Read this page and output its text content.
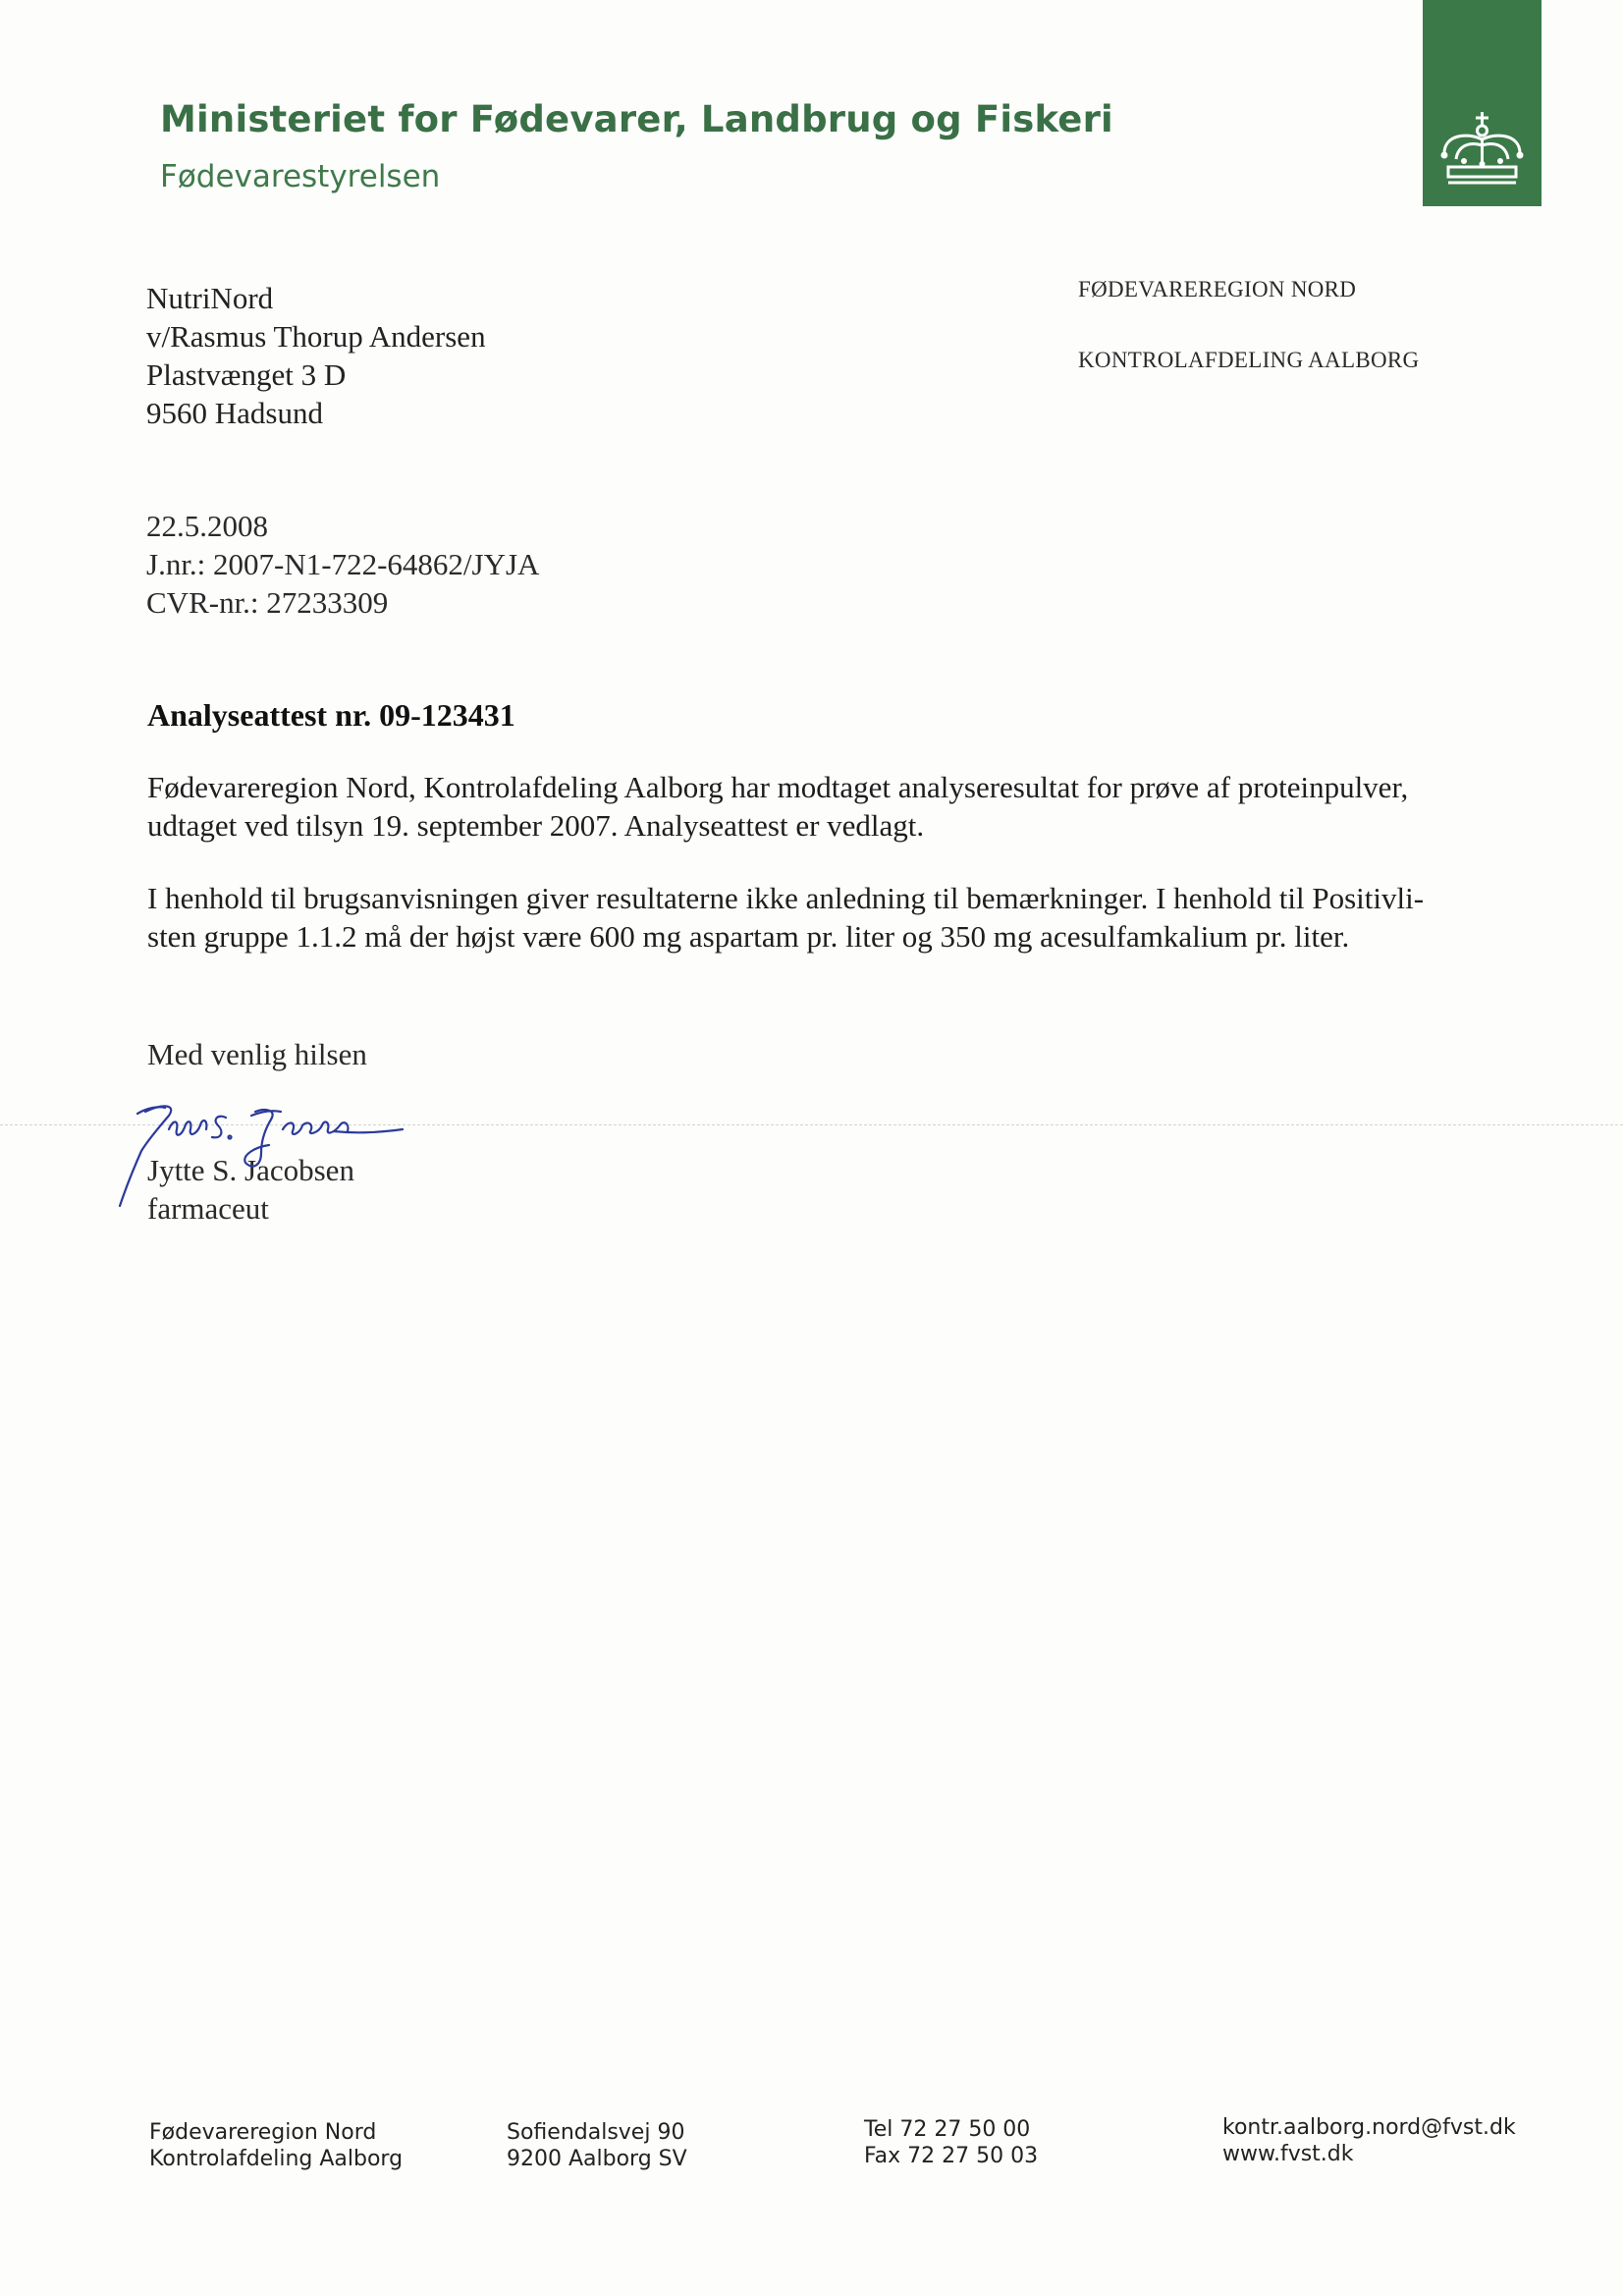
Ministeriet for Fødevarer, Landbrug og Fiskeri
Fødevarestyrelsen
NutriNord
v/Rasmus Thorup Andersen
Plastvænget 3 D
9560 Hadsund
FØDEVAREREGION NORD
KONTROLAFDELING AALBORG
22.5.2008
J.nr.: 2007-N1-722-64862/JYJA
CVR-nr.: 27233309
Analyseattest nr. 09-123431
Fødevareregion Nord, Kontrolafdeling Aalborg har modtaget analyseresultat for prøve af proteinpulver,
udtaget ved tilsyn 19. september 2007. Analyseattest er vedlagt.
I henhold til brugsanvisningen giver resultaterne ikke anledning til bemærkninger. I henhold til Positivli-
sten gruppe 1.1.2 må der højst være 600 mg aspartam pr. liter og 350 mg acesulfamkalium pr. liter.
Med venlig hilsen
Jytte S. Jacobsen
farmaceut
Fødevareregion Nord
Kontrolafdeling Aalborg
Sofiendalsvej 90
9200 Aalborg SV
Tel 72 27 50 00
Fax 72 27 50 03
kontr.aalborg.nord@fvst.dk
www.fvst.dk
